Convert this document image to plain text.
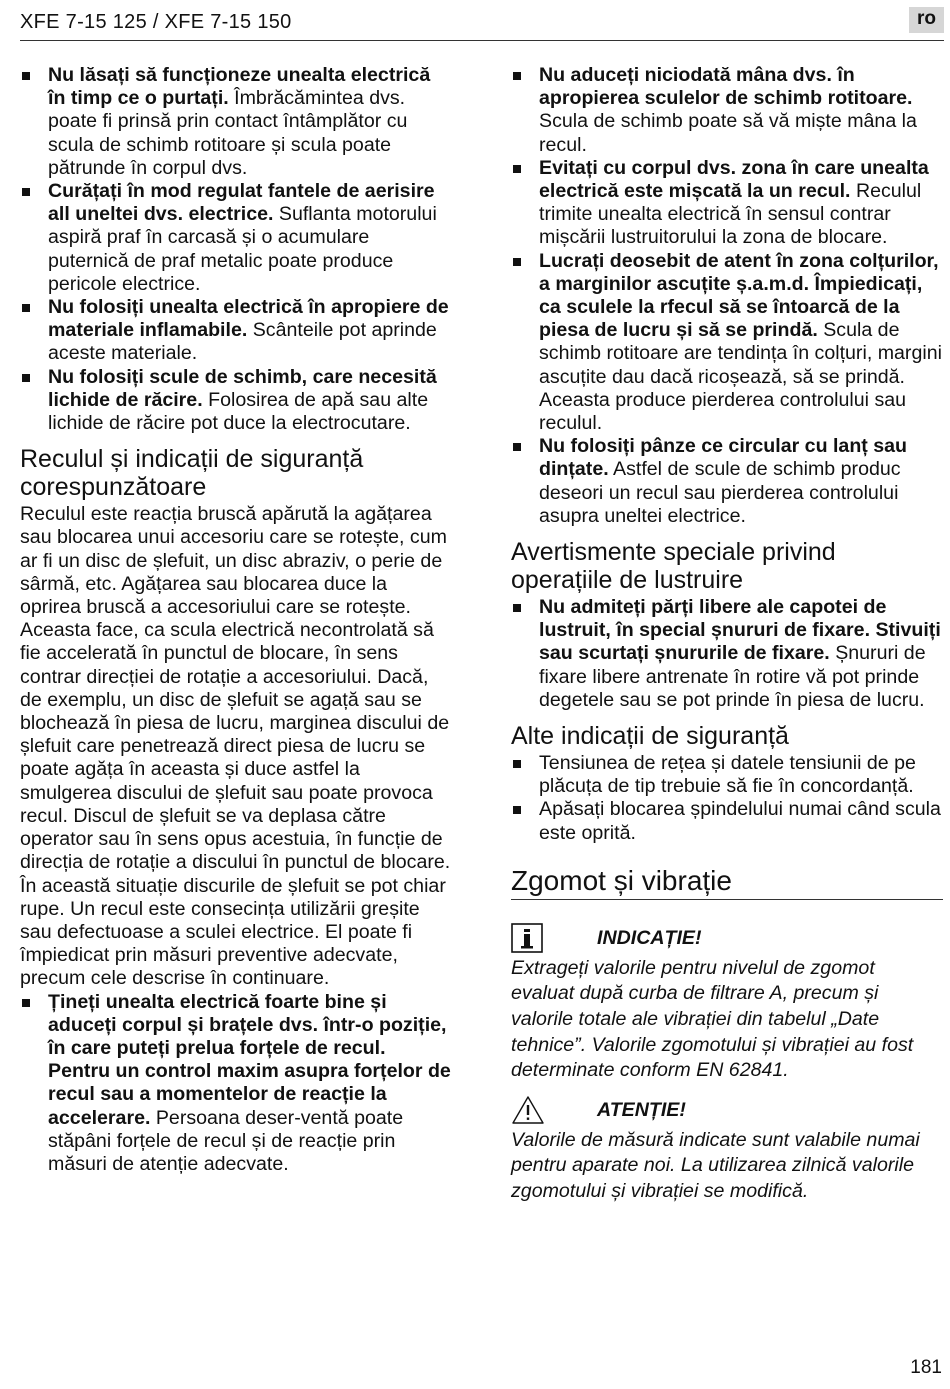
XFE 7-15 125 / XFE 7-15 150	ro
Nu lăsați să funcționeze unealta electrică în timp ce o purtați. Îmbrăcămintea dvs. poate fi prinsă prin contact întâmplător cu scula de schimb rotitoare și scula poate pătrunde în corpul dvs.
Curățați în mod regulat fantele de aerisire all uneltei dvs. electrice. Suflanta motorului aspiră praf în carcasă și o acumulare puternică de praf metalic poate produce pericole electrice.
Nu folosiți unealta electrică în apropiere de materiale inflamabile. Scânteile pot aprinde aceste materiale.
Nu folosiți scule de schimb, care necesită lichide de răcire. Folosirea de apă sau alte lichide de răcire pot duce la electrocutare.
Reculul și indicații de siguranță corespunzătoare

Reculul este reacția bruscă apărută la agățarea sau blocarea unui accesoriu care se rotește, cum ar fi un disc de șlefuit, un disc abraziv, o perie de sârmă, etc. Agățarea sau blocarea duce la oprirea bruscă a accesoriului care se rotește. Aceasta face, ca scula electrică necontrolată să fie accelerată în punctul de blocare, în sens contrar direcției de rotație a accesoriului. Dacă, de exemplu, un disc de șlefuit se agață sau se blochează în piesa de lucru, marginea discului de șlefuit care penetrează direct piesa de lucru se poate agăța în aceasta și duce astfel la smulgerea discului de șlefuit sau poate provoca recul. Discul de șlefuit se va deplasa către operator sau în sens opus acestuia, în funcție de direcția de rotație a discului în punctul de blocare. În această situație discurile de șlefuit se pot chiar rupe. Un recul este consecința utilizării greșite sau defectuoase a sculei electrice. El poate fi împiedicat prin măsuri preventive adecvate, precum cele descrise în continuare.

Țineți unealta electrică foarte bine și aduceți corpul și brațele dvs. într-o poziție, în care puteți prelua forțele de recul. Pentru un control maxim asupra forțelor de recul sau a momentelor de reacție la accelerare. Persoana deser-ventă poate stăpâni forțele de recul și de reacție prin măsuri de atenție adecvate.
Nu aduceți niciodată mâna dvs. în apropierea sculelor de schimb rotitoare. Scula de schimb poate să vă miște mâna la recul.
Evitați cu corpul dvs. zona în care unealta electrică este mișcată la un recul. Reculul trimite unealta electrică în sensul contrar mișcării lustruitorului la zona de blocare.
Lucrați deosebit de atent în zona colțurilor, a marginilor ascuțite ș.a.m.d. Împiedicați, ca sculele la rfecul să se întoarcă de la piesa de lucru și să se prindă. Scula de schimb rotitoare are tendința în colțuri, margini ascuțite dau dacă ricoșează, să se prindă. Aceasta produce pierderea controlului sau reculul.
Nu folosiți pânze ce circular cu lanț sau dințate. Astfel de scule de schimb produc deseori un recul sau pierderea controlului asupra uneltei electrice.
Avertismente speciale privind operațiile de lustruire
Nu admiteți părți libere ale capotei de lustruit, în special șnururi de fixare. Stivuiți sau scurtați șnururile de fixare. Șnururi de fixare libere antrenate în rotire vă pot prinde degetele sau se pot prinde în piesa de lucru.
Alte indicații de siguranță
Tensiunea de rețea și datele tensiunii de pe plăcuța de tip trebuie să fie în concordanță.
Apăsați blocarea șpindelului numai când scula este oprită.
Zgomot și vibrație
INDICAȚIE!

Extrageți valorile pentru nivelul de zgomot evaluat după curba de filtrare A, precum și valorile totale ale vibrației din tabelul „Date tehnice”. Valorile zgomotului și vibrației au fost determinate conform EN 62841.

ATENȚIE!

Valorile de măsură indicate sunt valabile numai pentru aparate noi. La utilizarea zilnică valorile zgomotului și vibrației se modifică.

181
